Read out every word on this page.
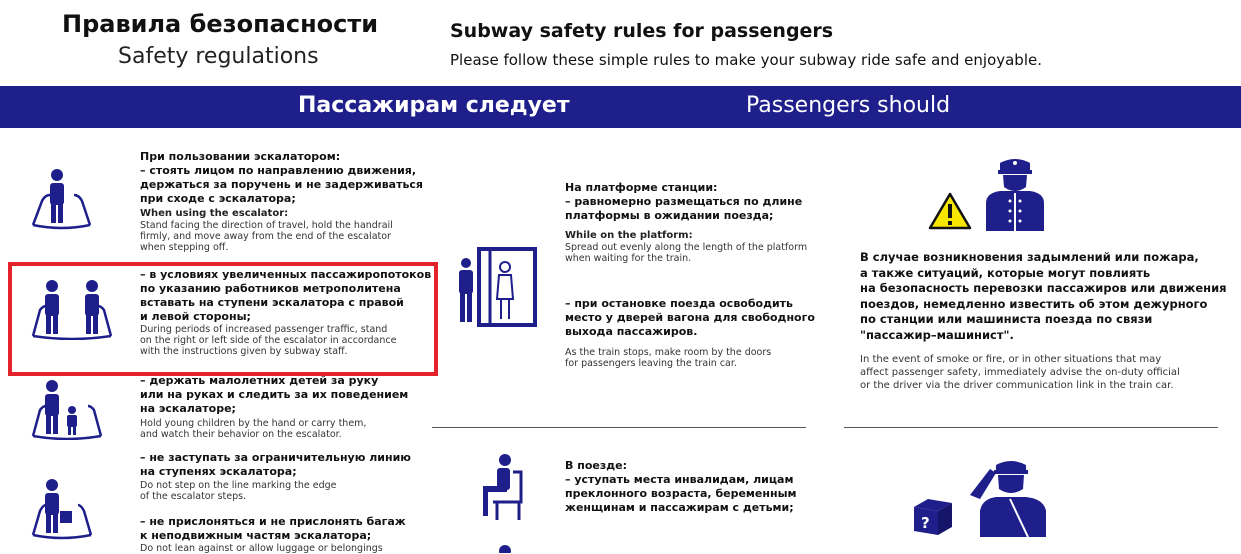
Правила безопасности
Safety regulations
Subway safety rules for passengers
Please follow these simple rules to make your subway ride safe and enjoyable.
Пассажирам следует	Passengers should
При пользовании эскалатором:
– стоять лицом по направлению движения,
держаться за поручень и не задерживаться
при сходе с эскалатора;
When using the escalator:
Stand facing the direction of travel, hold the handrail
firmly, and move away from the end of the escalator
when stepping off.
– в условиях увеличенных пассажиропотоков
по указанию работников метрополитена
вставать на ступени эскалатора с правой
и левой стороны;
During periods of increased passenger traffic, stand
on the right or left side of the escalator in accordance
with the instructions given by subway staff.
– держать малолетних детей за руку
или на руках и следить за их поведением
на эскалаторе;
Hold young children by the hand or carry them,
and watch their behavior on the escalator.
– не заступать за ограничительную линию
на ступенях эскалатора;
Do not step on the line marking the edge
of the escalator steps.
– не прислоняться и не прислонять багаж
к неподвижным частям эскалатора;
Do not lean against or allow luggage or belongings
На платформе станции:
– равномерно размещаться по длине
платформы в ожидании поезда;
While on the platform:
Spread out evenly along the length of the platform
when waiting for the train.
– при остановке поезда освободить
место у дверей вагона для свободного
выхода пассажиров.
As the train stops, make room by the doors
for passengers leaving the train car.
В поезде:
– уступать места инвалидам, лицам
преклонного возраста, беременным
женщинам и пассажирам с детьми;
В случае возникновения задымлений или пожара,
а также ситуаций, которые могут повлиять
на безопасность перевозки пассажиров или движения
поездов, немедленно известить об этом дежурного
по станции или машиниста поезда по связи
"пассажир–машинист".
In the event of smoke or fire, or in other situations that may
affect passenger safety, immediately advise the on-duty official
or the driver via the driver communication link in the train car.
?
